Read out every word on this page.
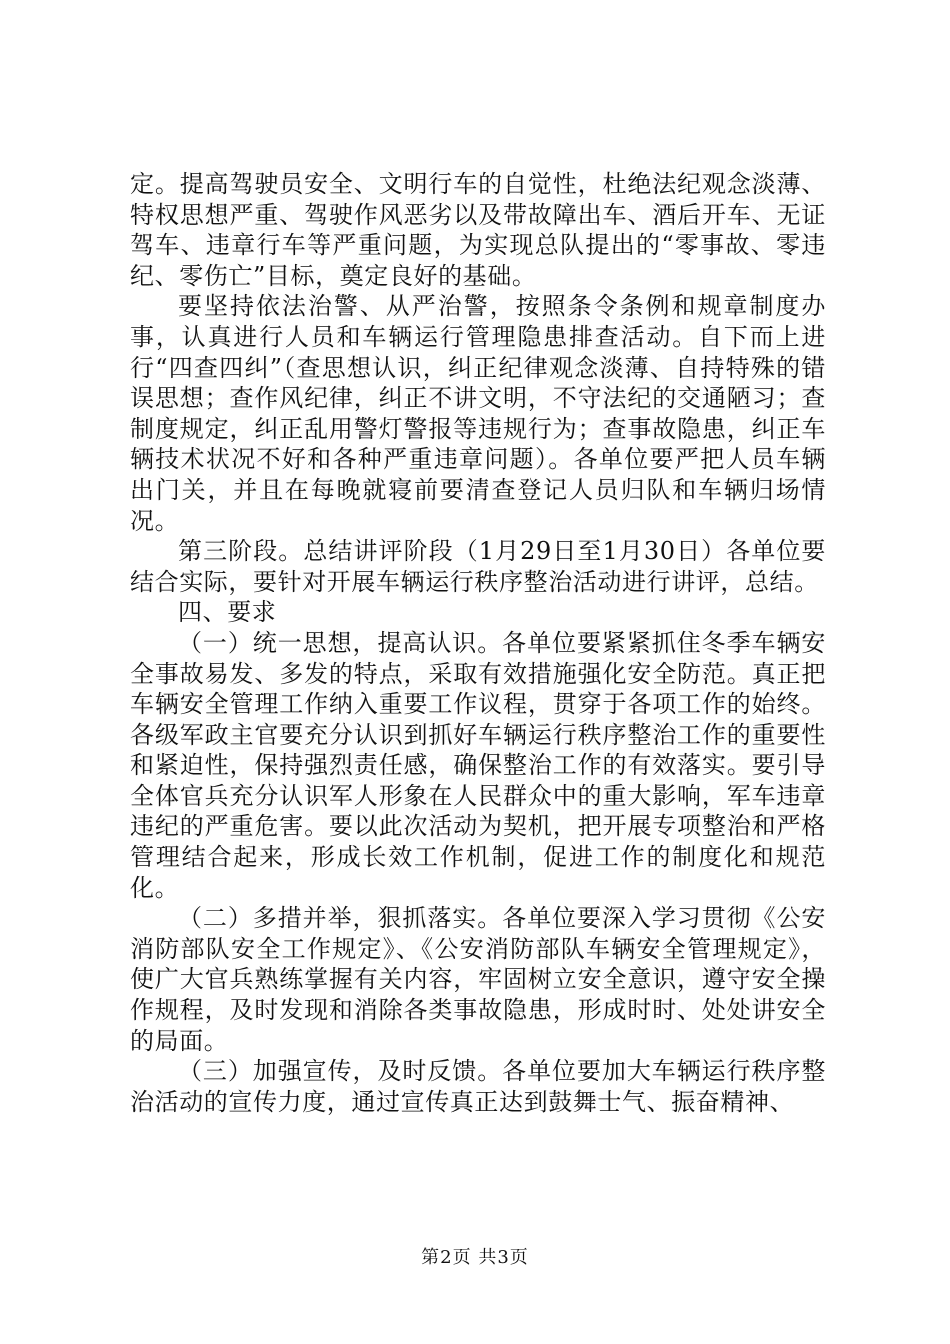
定。提高驾驶员安全、文明行车的自觉性，杜绝法纪观念淡薄、特权思想严重、驾驶作风恶劣以及带故障出车、酒后开车、无证驾车、违章行车等严重问题，为实现总队提出的“零事故、零违纪、零伤亡”目标，奠定良好的基础。

要坚持依法治警、从严治警，按照条令条例和规章制度办事，认真进行人员和车辆运行管理隐患排查活动。自下而上进行“四查四纠”（查思想认识，纠正纪律观念淡薄、自持特殊的错误思想；查作风纪律，纠正不讲文明，不守法纪的交通陋习；查制度规定，纠正乱用警灯警报等违规行为；查事故隐患，纠正车辆技术状况不好和各种严重违章问题）。各单位要严把人员车辆出门关，并且在每晚就寝前要清查登记人员归队和车辆归场情况。

第三阶段。总结讲评阶段（1月29日至1月30日）各单位要结合实际，要针对开展车辆运行秩序整治活动进行讲评，总结。

四、要求

（一）统一思想，提高认识。各单位要紧紧抓住冬季车辆安全事故易发、多发的特点，采取有效措施强化安全防范。真正把车辆安全管理工作纳入重要工作议程，贯穿于各项工作的始终。各级军政主官要充分认识到抓好车辆运行秩序整治工作的重要性和紧迫性，保持强烈责任感，确保整治工作的有效落实。要引导全体官兵充分认识军人形象在人民群众中的重大影响，军车违章违纪的严重危害。要以此次活动为契机，把开展专项整治和严格管理结合起来，形成长效工作机制，促进工作的制度化和规范化。

（二）多措并举，狠抓落实。各单位要深入学习贯彻《公安消防部队安全工作规定》、《公安消防部队车辆安全管理规定》，使广大官兵熟练掌握有关内容，牢固树立安全意识，遵守安全操作规程，及时发现和消除各类事故隐患，形成时时、处处讲安全的局面。

（三）加强宣传，及时反馈。各单位要加大车辆运行秩序整治活动的宣传力度，通过宣传真正达到鼓舞士气、振奋精神、

第2页 共3页
